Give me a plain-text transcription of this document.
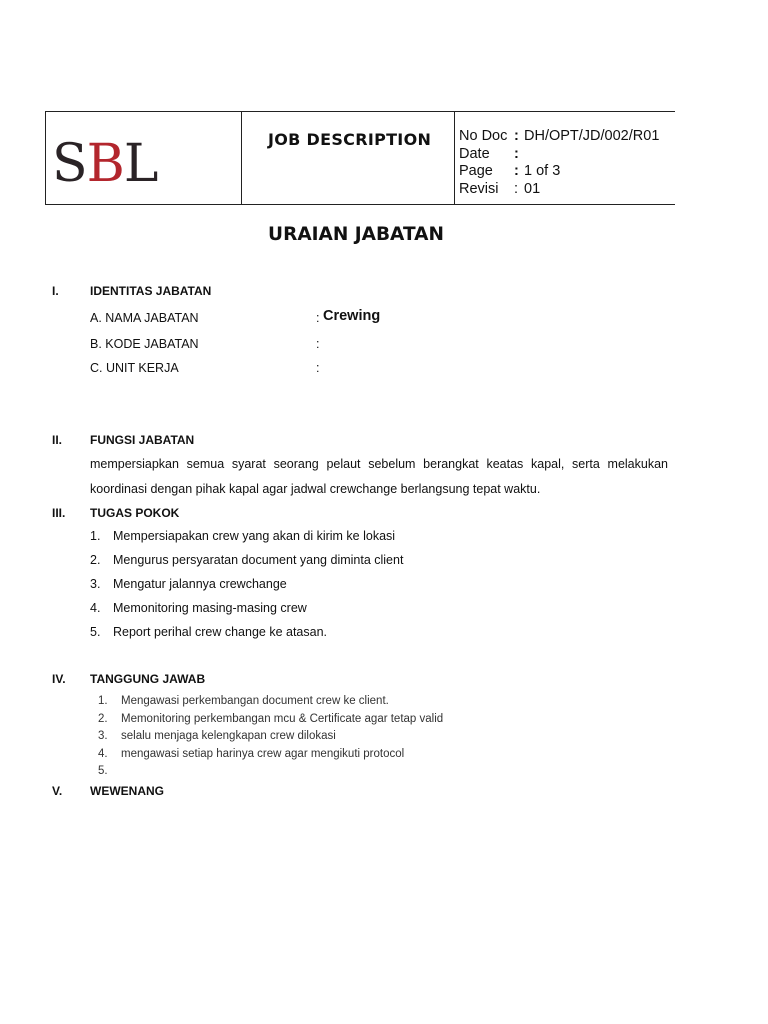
SBL	JOB DESCRIPTION No Doc : DH/OPT/JD/002/R01
Date	:
Page	: 1 of 3
Revisi	: 01
URAIAN JABATAN
I.	IDENTITAS JABATAN
A. NAMA JABATAN	: Crewing
B. KODE JABATAN	:
C. UNIT KERJA	:
II. FUNGSI JABATAN
mempersiapkan semua syarat seorang pelaut sebelum berangkat keatas kapal, serta melakukan koordinasi dengan pihak kapal agar jadwal crewchange berlangsung tepat waktu.
III. TUGAS POKOK
1. Mempersiapakan crew yang akan di kirim ke lokasi
2. Mengurus persyaratan document yang diminta client
3. Mengatur jalannya crewchange
4. Memonitoring masing-masing crew
5. Report perihal crew change ke atasan.
IV. TANGGUNG JAWAB
1. Mengawasi perkembangan document crew ke client.
2. Memonitoring perkembangan mcu & Certificate agar tetap valid
3. selalu menjaga kelengkapan crew dilokasi
4. mengawasi setiap harinya crew agar mengikuti protocol
5.
V. WEWENANG
